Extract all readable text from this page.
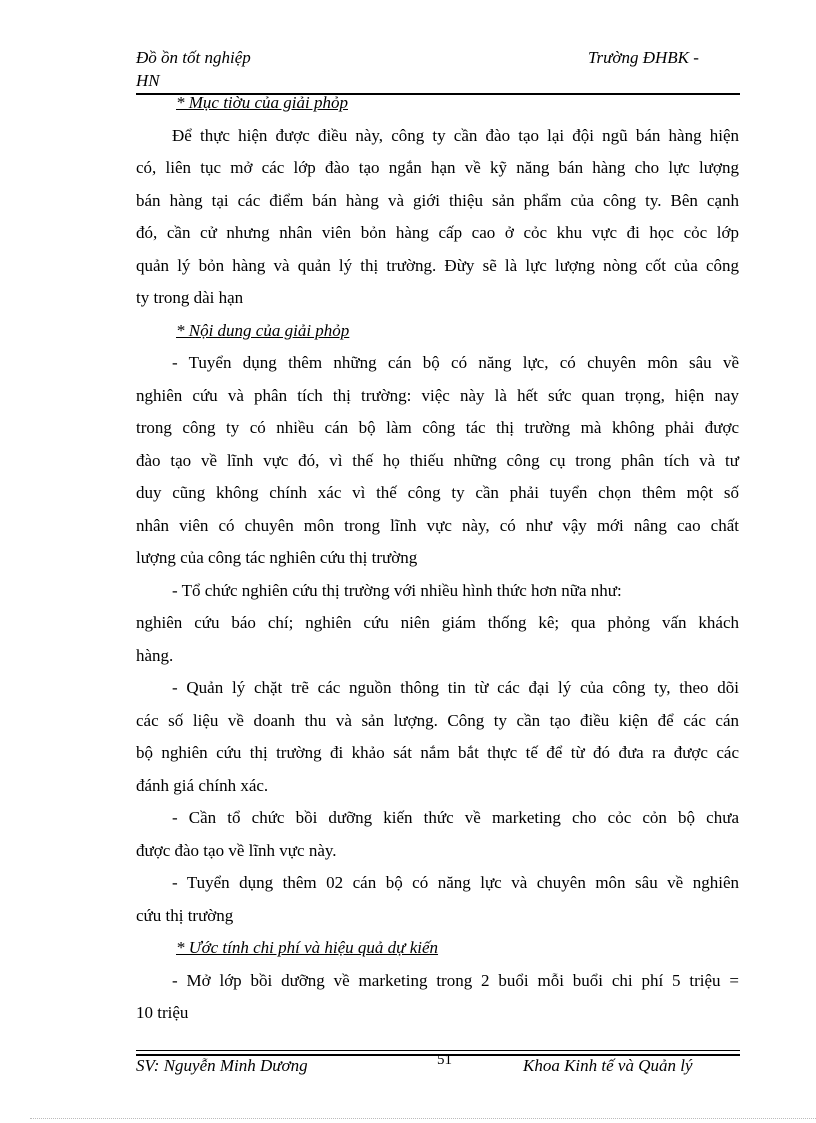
Đồ ồn tốt nghiệp	Trường ĐHBK -
HN
* Mục tiờu của giải phỏp
Để thực hiện được điều này, công ty cần đào tạo lại đội ngũ bán hàng hiện
có, liên tục mở các lớp đào tạo ngắn hạn về kỹ năng bán hàng cho lực lượng
bán hàng tại các điểm bán hàng và giới thiệu sản phẩm của công ty. Bên cạnh
đó, cần cử nhưng nhân viên bỏn hàng cấp cao ở cỏc khu vực đi học cỏc lớp
quản lý bỏn hàng và quản lý thị trường. Đừy sẽ là lực lượng nòng cốt của công
ty trong dài hạn
* Nội dung của giải phỏp
- Tuyển dụng thêm những cán bộ có năng lực, có chuyên môn sâu về
nghiên cứu và phân tích thị trường: việc này là hết sức quan trọng, hiện nay
trong công ty có nhiều cán bộ làm công tác thị trường mà không phải được
đào tạo về lĩnh vực đó, vì thế họ thiếu những công cụ trong phân tích và tư
duy cũng không chính xác vì thế công ty cần phải tuyển chọn thêm một số
nhân viên có chuyên môn trong lĩnh vực này, có như vậy mới nâng cao chất
lượng của công tác nghiên cứu thị trường
- Tổ chức nghiên cứu thị trường với nhiều hình thức hơn nữa như:
nghiên cứu báo chí; nghiên cứu niên giám thống kê; qua phỏng vấn khách
hàng.
- Quản lý chặt trẽ các nguồn thông tin từ các đại lý của công ty, theo dõi
các số liệu về doanh thu và sản lượng. Công ty cần tạo điều kiện để các cán
bộ nghiên cứu thị trường đi khảo sát nắm bắt thực tế để từ đó đưa ra được các
đánh giá chính xác.
- Cần tổ chức bồi dưỡng kiến thức về marketing cho cỏc cỏn bộ chưa
được đào tạo về lĩnh vực này.
- Tuyển dụng thêm 02 cán bộ có năng lực và chuyên môn sâu về nghiên
cứu thị trường
* Ước tính chi phí và hiệu quả dự kiến
- Mở lớp bồi dưỡng về marketing trong 2 buổi mỗi buổi chi phí 5 triệu =
10 triệu
SV: Nguyễn Minh Dương	51	Khoa Kinh tế và Quản lý
